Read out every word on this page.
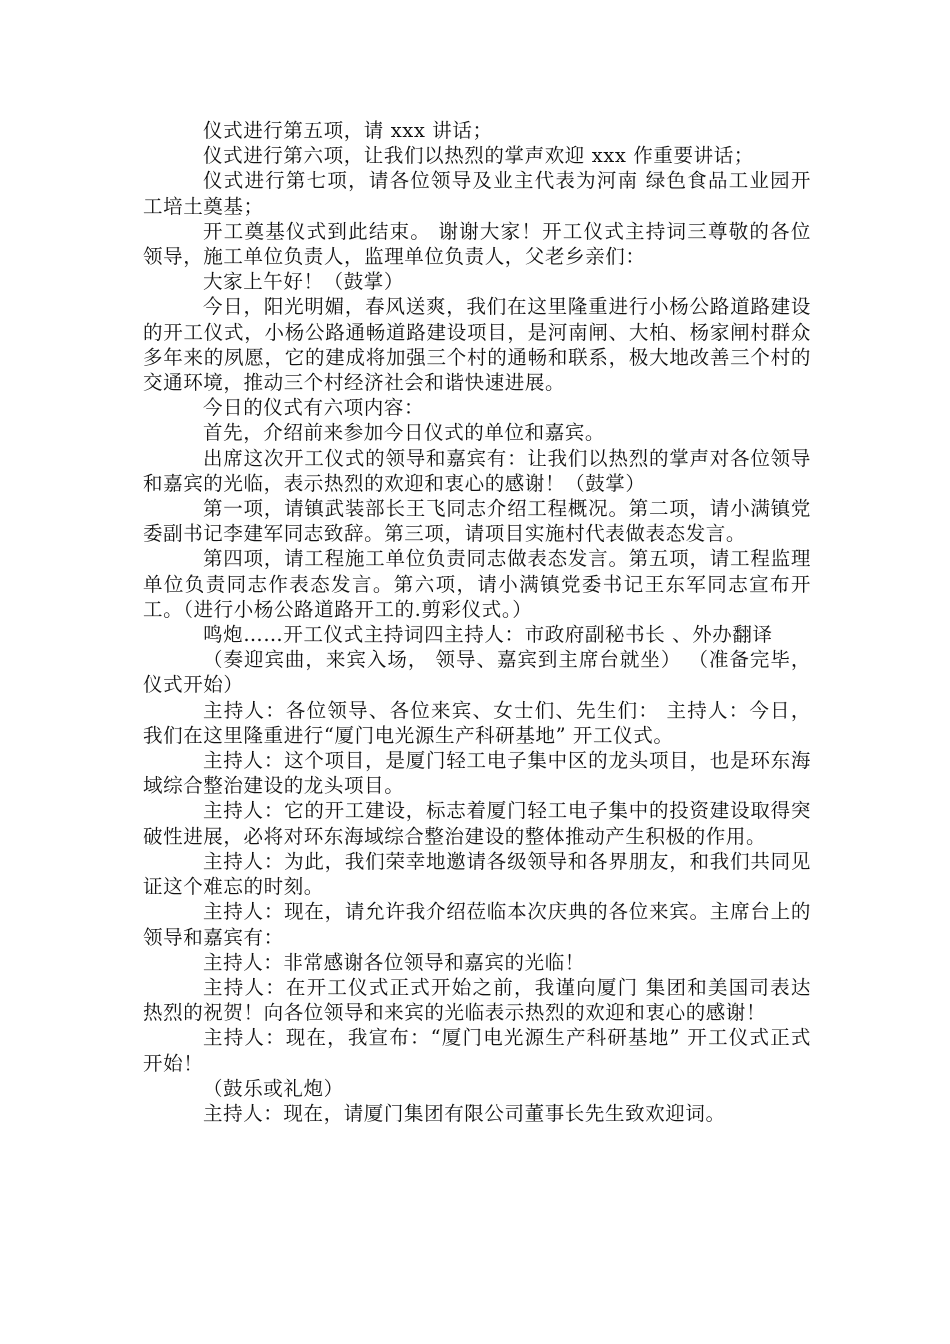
仪式进行第五项，请 xxx 讲话；

仪式进行第六项，让我们以热烈的掌声欢迎 xxx 作重要讲话；

仪式进行第七项，请各位领导及业主代表为河南 绿色食品工业园开工培土奠基；

开工奠基仪式到此结束。 谢谢大家！开工仪式主持词三尊敬的各位领导，施工单位负责人，监理单位负责人，父老乡亲们：

大家上午好！（鼓掌）

今日，阳光明媚，春风送爽，我们在这里隆重进行小杨公路道路建设的开工仪式，小杨公路通畅道路建设项目，是河南闸、大柏、杨家闸村群众多年来的夙愿，它的建成将加强三个村的通畅和联系，极大地改善三个村的交通环境，推动三个村经济社会和谐快速进展。

今日的仪式有六项内容：

首先，介绍前来参加今日仪式的单位和嘉宾。

出席这次开工仪式的领导和嘉宾有：让我们以热烈的掌声对各位领导和嘉宾的光临，表示热烈的欢迎和衷心的感谢！（鼓掌）

第一项，请镇武装部长王飞同志介绍工程概况。第二项，请小满镇党委副书记李建军同志致辞。第三项，请项目实施村代表做表态发言。

第四项，请工程施工单位负责同志做表态发言。第五项，请工程监理单位负责同志作表态发言。第六项，请小满镇党委书记王东军同志宣布开工。（进行小杨公路道路开工的.剪彩仪式。）

鸣炮……开工仪式主持词四主持人：市政府副秘书长 、外办翻译

（奏迎宾曲，来宾入场， 领导、嘉宾到主席台就坐） （准备完毕，仪式开始）

主持人：各位领导、各位来宾、女士们、先生们： 主持人：今日，我们在这里隆重进行“厦门电光源生产科研基地” 开工仪式。

主持人：这个项目，是厦门轻工电子集中区的龙头项目，也是环东海域综合整治建设的龙头项目。

主持人：它的开工建设，标志着厦门轻工电子集中的投资建设取得突破性进展，必将对环东海域综合整治建设的整体推动产生积极的作用。

主持人：为此，我们荣幸地邀请各级领导和各界朋友，和我们共同见证这个难忘的时刻。

主持人：现在，请允许我介绍莅临本次庆典的各位来宾。主席台上的领导和嘉宾有：

主持人：非常感谢各位领导和嘉宾的光临！

主持人：在开工仪式正式开始之前，我谨向厦门 集团和美国司表达热烈的祝贺！向各位领导和来宾的光临表示热烈的欢迎和衷心的感谢！

主持人：现在，我宣布：“厦门电光源生产科研基地” 开工仪式正式开始！

（鼓乐或礼炮）

主持人：现在，请厦门集团有限公司董事长先生致欢迎词。
